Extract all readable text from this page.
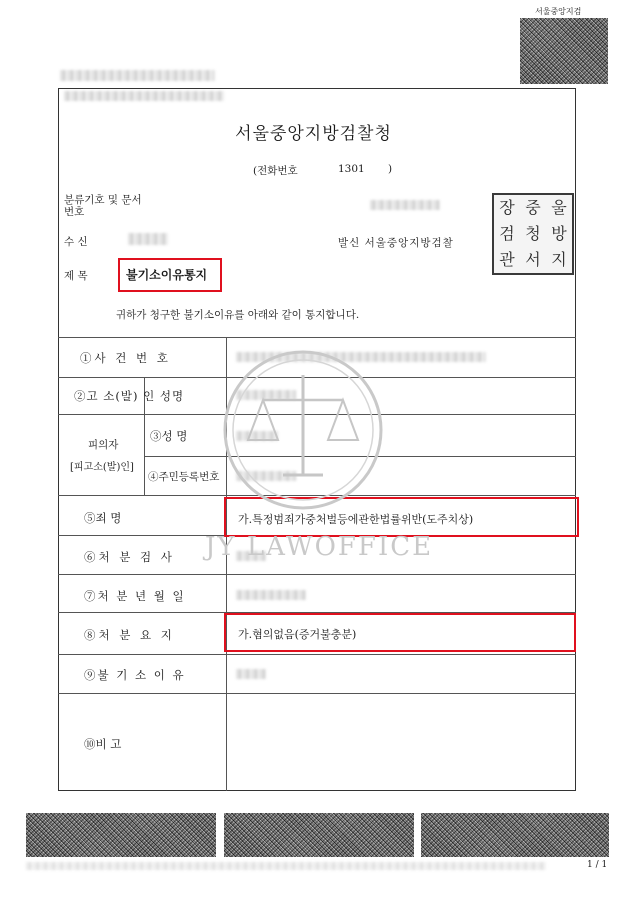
서울중앙지검
서울중앙지방검찰청
(전화번호	1301 )
분류기호 및 문서번호
수 신	발신 서울중앙지방검찰
장 중 울
검 청 방
관 서 지
제 목	불기소이유통지
귀하가 청구한 불기소이유를 아래와 같이 통지합니다.
①사 건 번 호
②고 소(발) 인 성명
피의자
[피고소(발)인]
③성 명
④주민등록번호
⑤죄 명	가.특정범죄가중처벌등에관한법률위반(도주치상)
⑥처 분 검 사
⑦처 분 년 월 일
⑧처 분 요 지	가.혐의없음(증거불충분)
⑨불 기 소 이 유
⑩비 고
JY LAWOFFICE
1 / 1
